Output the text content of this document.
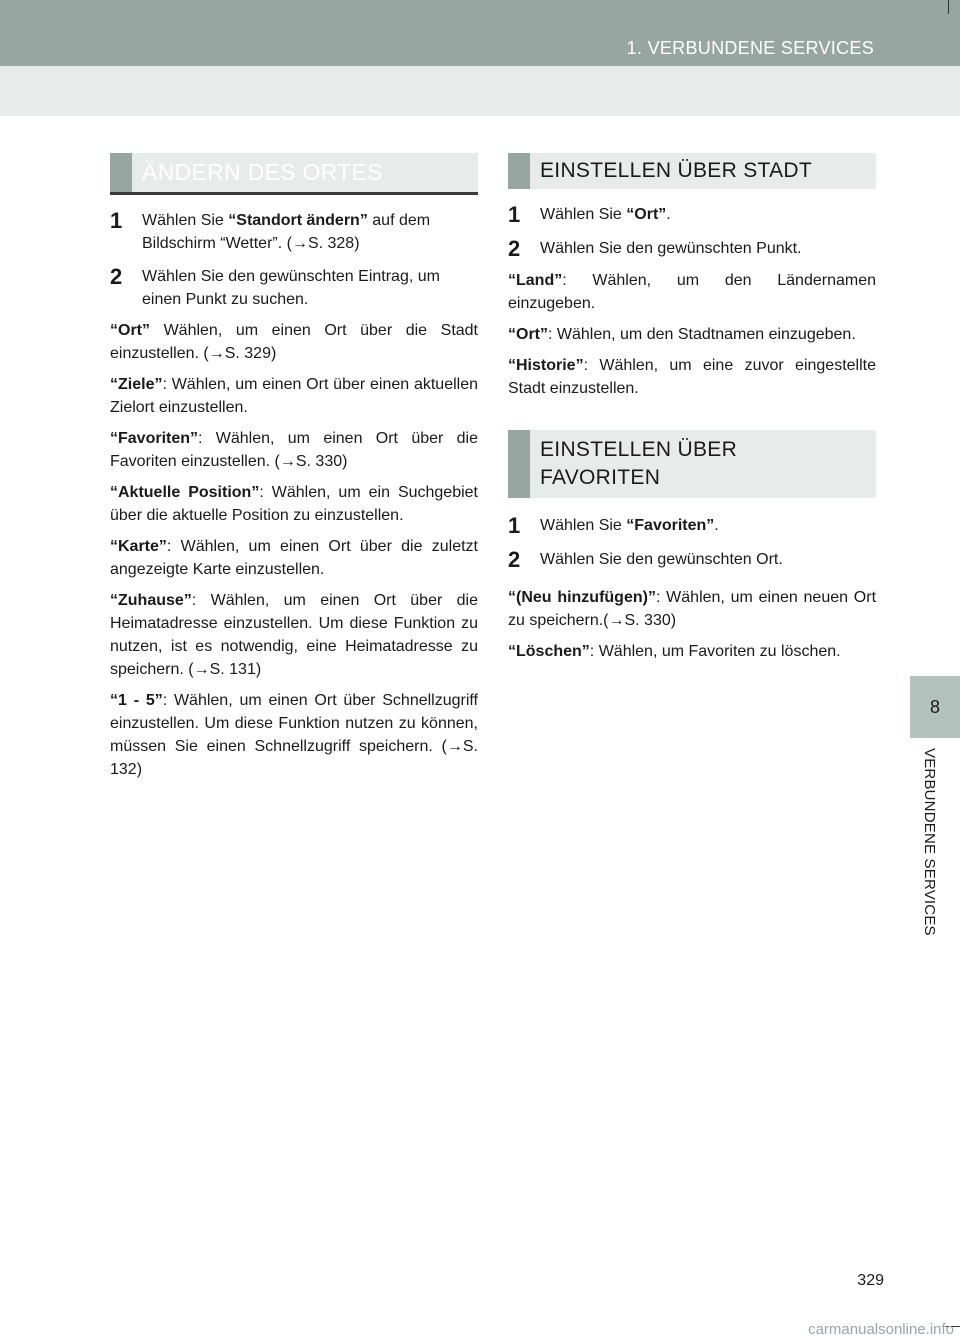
1. VERBUNDENE SERVICES
8
VERBUNDENE SERVICES
ÄNDERN DES ORTES
1	Wählen Sie “Standort ändern” auf dem Bildschirm “Wetter”. (→S. 328)
2	Wählen Sie den gewünschten Eintrag, um einen Punkt zu suchen.
“Ort” Wählen, um einen Ort über die Stadt einzustellen. (→S. 329)
“Ziele”: Wählen, um einen Ort über einen aktuellen Zielort einzustellen.
“Favoriten”: Wählen, um einen Ort über die Favoriten einzustellen. (→S. 330)
“Aktuelle Position”: Wählen, um ein Suchgebiet über die aktuelle Position zu einzustellen.
“Karte”: Wählen, um einen Ort über die zuletzt angezeigte Karte einzustellen.
“Zuhause”: Wählen, um einen Ort über die Heimatadresse einzustellen. Um diese Funktion zu nutzen, ist es notwendig, eine Heimatadresse zu speichern. (→S. 131)
“1 - 5”: Wählen, um einen Ort über Schnellzugriff einzustellen. Um diese Funktion nutzen zu können, müssen Sie einen Schnellzugriff speichern. (→S. 132)
EINSTELLEN ÜBER STADT
1	Wählen Sie “Ort”.
2	Wählen Sie den gewünschten Punkt.
“Land”: Wählen, um den Ländernamen einzugeben.
“Ort”: Wählen, um den Stadtnamen einzugeben.
“Historie”: Wählen, um eine zuvor eingestellte Stadt einzustellen.
EINSTELLEN ÜBER FAVORITEN
1	Wählen Sie “Favoriten”.
2	Wählen Sie den gewünschten Ort.
“(Neu hinzufügen)”: Wählen, um einen neuen Ort zu speichern.(→S. 330)
“Löschen”: Wählen, um Favoriten zu löschen.
329
carmanualsonline.info
